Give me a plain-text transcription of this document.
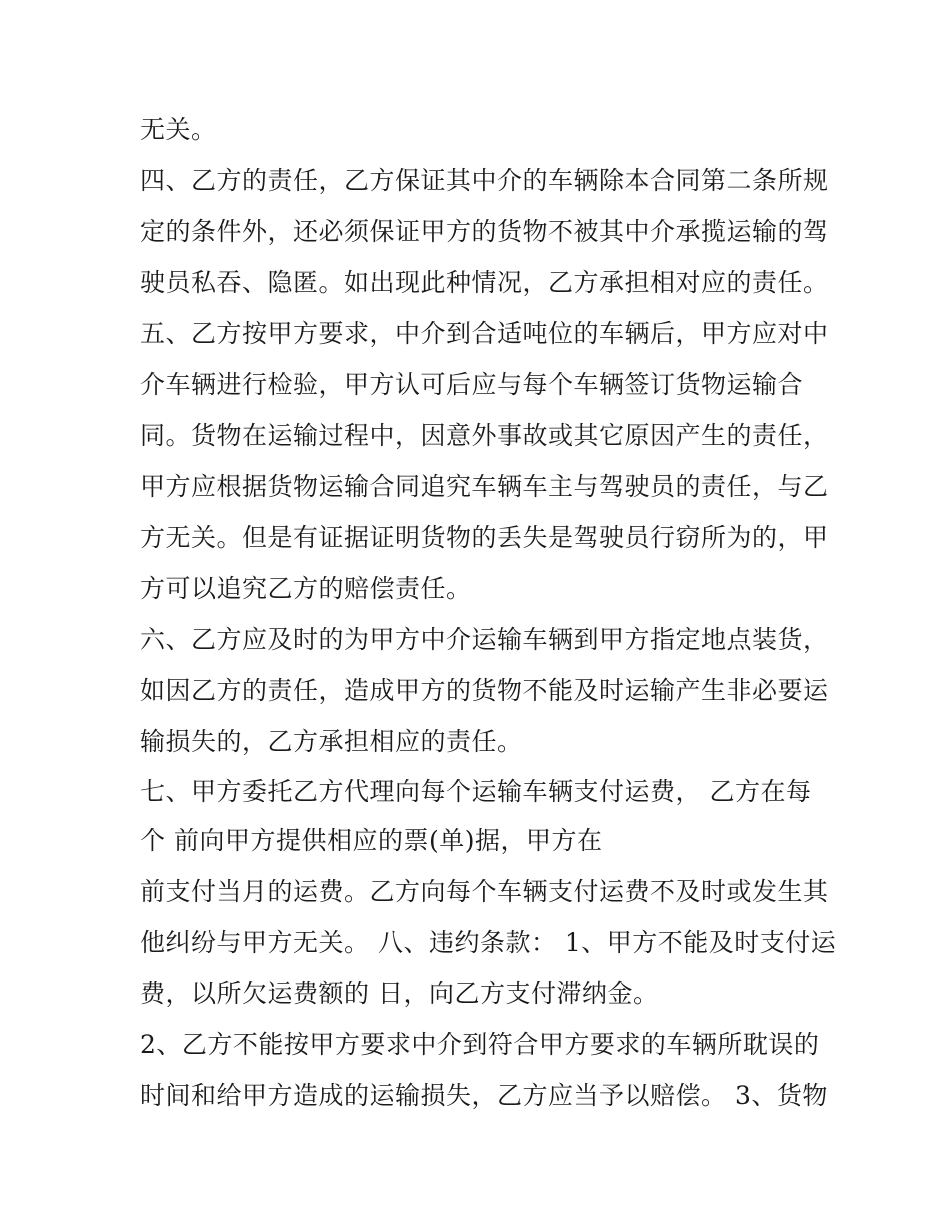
无关。
四、乙方的责任，乙方保证其中介的车辆除本合同第二条所规
定的条件外，还必须保证甲方的货物不被其中介承揽运输的驾
驶员私吞、隐匿。如出现此种情况，乙方承担相对应的责任。
五、乙方按甲方要求，中介到合适吨位的车辆后，甲方应对中
介车辆进行检验，甲方认可后应与每个车辆签订货物运输合
同。货物在运输过程中，因意外事故或其它原因产生的责任，
甲方应根据货物运输合同追究车辆车主与驾驶员的责任，与乙
方无关。但是有证据证明货物的丢失是驾驶员行窃所为的，甲
方可以追究乙方的赔偿责任。
六、乙方应及时的为甲方中介运输车辆到甲方指定地点装货，
如因乙方的责任，造成甲方的货物不能及时运输产生非必要运
输损失的，乙方承担相应的责任。
七、甲方委托乙方代理向每个运输车辆支付运费， 乙方在每
个 前向甲方提供相应的票(单)据，甲方在
前支付当月的运费。乙方向每个车辆支付运费不及时或发生其
他纠纷与甲方无关。 八、违约条款： 1、甲方不能及时支付运
费，以所欠运费额的 日，向乙方支付滞纳金。
2、乙方不能按甲方要求中介到符合甲方要求的车辆所耽误的
时间和给甲方造成的运输损失，乙方应当予以赔偿。 3、货物
